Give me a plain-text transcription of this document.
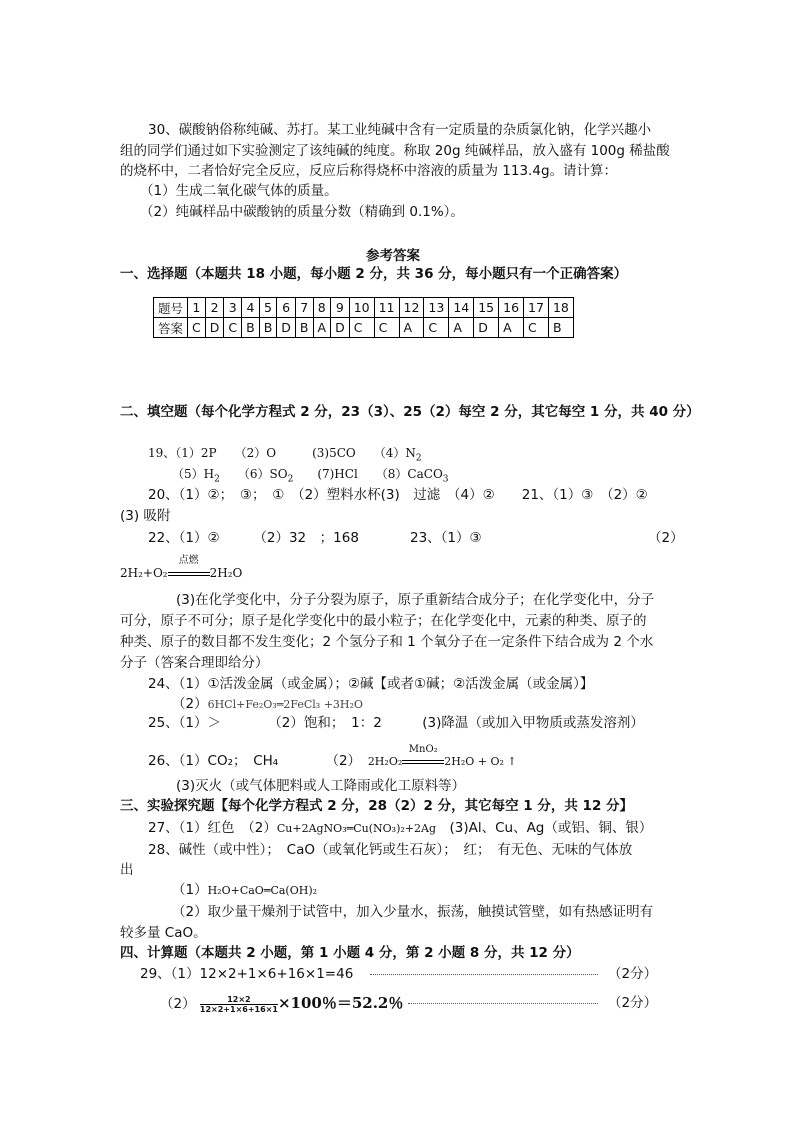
30、碳酸钠俗称纯碱、苏打。某工业纯碱中含有一定质量的杂质氯化钠，化学兴趣小
组的同学们通过如下实验测定了该纯碱的纯度。称取 20g 纯碱样品，放入盛有 100g 稀盐酸
的烧杯中，二者恰好完全反应，反应后称得烧杯中溶液的质量为 113.4g。请计算：
（1）生成二氧化碳气体的质量。
（2）纯碱样品中碳酸钠的质量分数（精确到 0.1%）。
参考答案
一、选择题（本题共 18 小题，每小题 2 分，共 36 分，每小题只有一个正确答案）
题号	1	2	3	4	5	6	7	8	9	10	11	12	13	14	15	16	17	18
答案	C	D	C	B	B	D	B	A	D	C	C	A	C	A	D	A	C	B
二、填空题（每个化学方程式 2 分，23（3）、25（2）每空 2 分，其它每空 1 分，共 40 分）
19、（1）2P　　（2）O　　　(3)5CO　　$(4)N_2$
$(5)H_2$　　 $(6)SO_2$　　 (7)HCl　　（8）CaCO$_3$
20、（1）②；　③；　①　（2）塑料水杯(3)　过滤　（4）②　　21、（1）③　（2）②
(3) 吸附
22、（1）②　　　（2）32　；168	23、（1）③	（2）
2H₂+O₂
点燃
2H₂O
(3)在化学变化中，分子分裂为原子，原子重新结合成分子；在化学变化中，分子
可分，原子不可分；原子是化学变化中的最小粒子；在化学变化中，元素的种类、原子的
种类、原子的数目都不发生变化；2 个氢分子和 1 个氧分子在一定条件下结合成为 2 个水
分子（答案合理即给分）
24、（1）①活泼金属（或金属）；②碱【或者①碱；②活泼金属（或金属）】
（2）6HCl+Fe₂O₃═2FeCl₃ +3H₂O
25、（1）＞　　　　（2）饱和；　1：2　　　(3)降温（或加入甲物质或蒸发溶剂）
26、（1）CO₂；　CH₄　　　　（2）　 2H₂O₂
MnO₂
2H₂O + O₂ ↑
(3)灭火（或气体肥料或人工降雨或化工原料等）
三、实验探究题【每个化学方程式 2 分，28（2）2 分，其它每空 1 分，共 12 分】
27、（1）红色　（2）Cu+2AgNO₃═Cu(NO₃)₂+2Ag　 (3)Al、Cu、Ag（或铝、铜、银）
28、碱性（或中性）；　CaO（或氧化钙或生石灰）；　红；　有无色、无味的气体放
出
（1）H₂O+CaO═Ca(OH)₂
（2）取少量干燥剂于试管中，加入少量水，振荡，触摸试管壁，如有热感证明有
较多量 CaO。
四、计算题（本题共 2 小题，第 1 小题 4 分，第 2 小题 8 分，共 12 分）
29、（1）12×2+1×6+16×1=46	（2分）
$(2) \frac{12\times 2}{12\times 2+1\times 6+16\times 1} \times 100$％＝52.2％	（2分）
